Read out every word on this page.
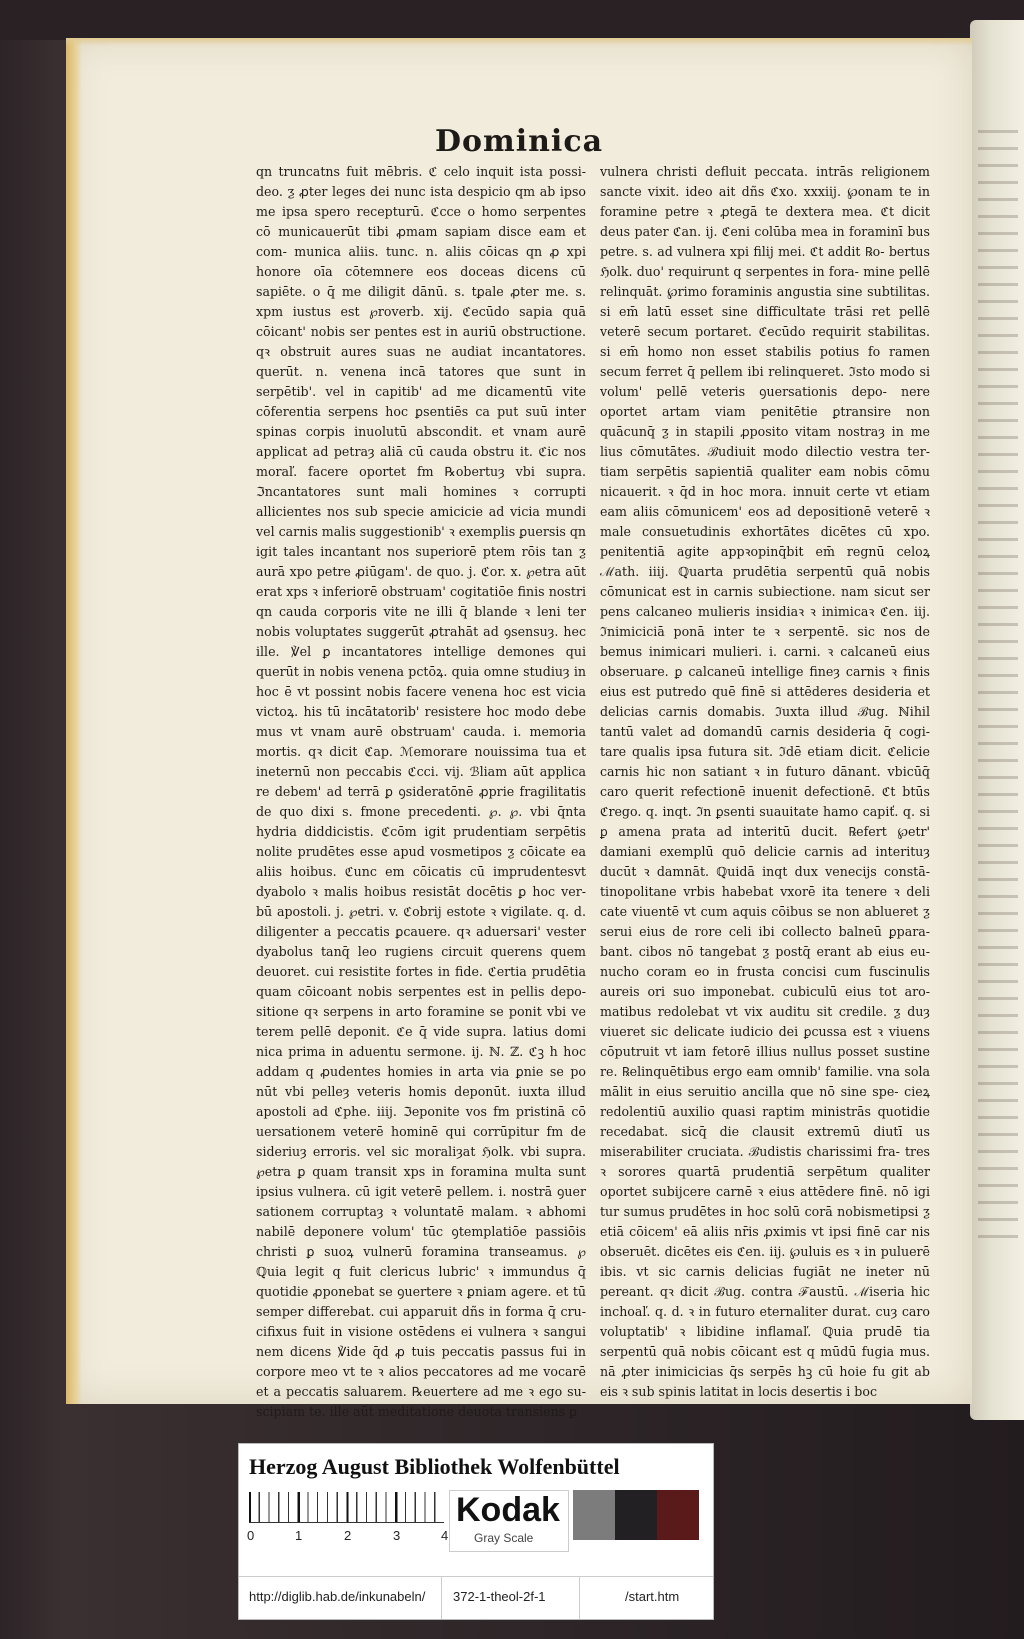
Dominica

qn truncatns fuit mēbris. ℭ celo inquit ista possi- deo. ƺ ꝓter leges dei nunc ista despicio qm ab ipso me ipsa spero recepturū. ℭcce o homo serpentes cō municauerūt tibi ꝓmam sapiam disce eam et com- munica aliis. tunc. n. aliis cōicas qn ꝓ xpi honore oīa cōtemnere eos doceas dicens cū sapiēte. o q̄ me diligit dānū. s. tꝑale ꝓter me. s. xpm iustus est ℘roverb. xij. ℭecūdo sapia quā cōicant' nobis ser pentes est in auriū obstructione. qꝛ obstruit aures suas ne audiat incantatores. querūt. n. venena incā tatores que sunt in serpētib'. vel in capitib' ad me dicamentū vite cōferentia serpens hoc ꝑsentiēs ca put suū inter spinas corpis inuolutū abscondit. et vnam aurē applicat ad petraȝ aliā cū cauda obstru it. ℭic nos moraľ. facere oportet fm ℞obertuȝ vbi supra. ℑncantatores sunt mali homines ꝛ corrupti allicientes nos sub specie amicicie ad vicia mundi vel carnis malis suggestionib' ꝛ exemplis ꝑuersis qn igit tales incantant nos superiorē ptem rōis tan ƺ aurā xpo petre ꝓiūgam'. de quo. j. ℭor. x. ℘etra aūt erat xps ꝛ inferiorē obstruam' cogitatiōe finis nostri qn cauda corporis vite ne illi q̄ blande ꝛ leni ter nobis voluptates suggerūt ꝓtrahāt ad ꝯsensuȝ. hec ille. ℣el ꝑ incantatores intellige demones qui querūt in nobis venena pctōꝝ. quia omne studiuȝ in hoc ē vt possint nobis facere venena hoc est vicia victoꝝ. his tū incātatorib' resistere hoc modo debe mus vt vnam aurē obstruam' cauda. i. memoria mortis. qꝛ dicit ℭap. ℳemorare nouissima tua et ineternū non peccabis ℭcci. vij. ℬliam aūt applica re debem' ad terrā ꝑ ꝯsideratōnē ꝓprie fragilitatis de quo dixi s. fmone precedenti. ℘. ℘. vbi q̄nta hydria diddicistis. ℭcōm igit prudentiam serpētis nolite prudētes esse apud vosmetipos ƺ cōicate ea aliis hoibus. ℭunc em cōicatis cū imprudentesvt dyabolo ꝛ malis hoibus resistāt docētis ꝑ hoc ver- bū apostoli. j. ℘etri. v. ℭobrij estote ꝛ vigilate. q. d. diligenter a peccatis ꝑcauere. qꝛ aduersari' vester dyabolus tanq̄ leo rugiens circuit querens quem deuoret. cui resistite fortes in fide. ℭertia prudētia quam cōicoant nobis serpentes est in pellis depo- sitione qꝛ serpens in arto foramine se ponit vbi ve terem pellē deponit. ℭe q̄ vide supra. latius domi nica prima in aduentu sermone. ij. ℕ. ℤ. ℭꝫ h hoc addam q ꝓudentes homies in arta via ꝑnie se po nūt vbi pelleȝ veteris homis deponūt. iuxta illud apostoli ad ℭphe. iiij. ℑeponite vos fm pristinā cō uersationem veterē hominē qui corrūpitur fm de sideriuȝ erroris. vel sic moraliȝat ℌolk. vbi supra. ℘etra ꝑ quam transit xps in foramina multa sunt ipsius vulnera. cū igit veterē pellem. i. nostrā ꝯuer sationem corruptaȝ ꝛ voluntatē malam. ꝛ abhomi nabilē deponere volum' tūc ꝯtemplatiōe passiōis christi ꝑ suoꝝ vulnerū foramina transeamus. ℘ ℚuia legit q fuit clericus lubric' ꝛ immundus q̄ quotidie ꝓponebat se ꝯuertere ꝛ ꝑniam agere. et tū semper differebat. cui apparuit dñs in forma q̄ cru- cifixus fuit in visione ostēdens ei vulnera ꝛ sangui nem dicens ℣ide q̄d ꝓ tuis peccatis passus fui in corpore meo vt te ꝛ alios peccatores ad me vocarē et a peccatis saluarem. ℞euertere ad me ꝛ ego su- scipiam te. ille aūt meditatione deuota transiens ꝑ

vulnera christi defluit peccata. intrās religionem sancte vixit. ideo ait dñs ℭxo. xxxiij. ℘onam te in foramine petre ꝛ ꝓtegā te dextera mea. ℭt dicit deus pater ℭan. ij. ℭeni colūba mea in foraminī bus petre. s. ad vulnera xpi filij mei. ℭt addit ℞o- bertus ℌolk. duo' requirunt q serpentes in fora- mine pellē relinquāt. ℘rimo foraminis angustia sine subtilitas. si em̄ latū esset sine difficultate trāsi ret pellē veterē secum portaret. ℭecūdo requirit stabilitas. si em̄ homo non esset stabilis potius fo ramen secum ferret q̄ pellem ibi relinqueret. ℑsto modo si volum' pellē veteris ꝯuersationis depo- nere oportet artam viam penitētie ꝑtransire non quācunq̄ ƺ in stapili ꝓposito vitam nostraȝ in me lius cōmutātes. ℬudiuit modo dilectio vestra ter- tiam serpētis sapientiā qualiter eam nobis cōmu nicauerit. ꝛ q̄d in hoc mora. innuit certe vt etiam eam aliis cōmunicem' eos ad depositionē veterē ꝛ male consuetudinis exhortātes dicētes cū xpo. penitentiā agite appꝛopinq̄bit em̄ regnū celoꝝ ℳath. iiij. ℚuarta prudētia serpentū quā nobis cōmunicat est in carnis subiectione. nam sicut ser pens calcaneo mulieris insidiaꝛ ꝛ inimicaꝛ ℭen. iij. ℑnimiciciā ponā inter te ꝛ serpentē. sic nos de bemus inimicari mulieri. i. carni. ꝛ calcaneū eius obseruare. ꝑ calcaneū intellige fineȝ carnis ꝛ finis eius est putredo quē finē si attēderes desideria et delicias carnis domabis. ℑuxta illud ℬug. ℕihil tantū valet ad domandū carnis desideria q̄ cogi- tare qualis ipsa futura sit. ℑdē etiam dicit. ℭelicie carnis hic non satiant ꝛ in futuro dānant. vbicūq̄ caro querit refectionē inuenit defectionē. ℭt btūs ℭrego. q. inqt. ℑn ꝑsenti suauitate hamo capiť. q. si ꝑ amena prata ad interitū ducit. ℞efert ℘etr' damiani exemplū quō delicie carnis ad interituȝ ducūt ꝛ damnāt. ℚuidā inqt dux venecijs constā- tinopolitane vrbis habebat vxorē ita tenere ꝛ deli cate viuentē vt cum aquis cōibus se non ablueret ƺ serui eius de rore celi ibi collecto balneū ꝑpara- bant. cibos nō tangebat ƺ postq̄ erant ab eius eu- nucho coram eo in frusta concisi cum fuscinulis aureis ori suo imponebat. cubiculū eius tot aro- matibus redolebat vt vix auditu sit credile. ƺ duȝ viueret sic delicate iudicio dei ꝑcussa est ꝛ viuens cōputruit vt iam fetorē illius nullus posset sustine re. ℞elinquētibus ergo eam omnib' familie. vna sola mālit in eius seruitio ancilla que nō sine spe- cieꝝ redolentiū auxilio quasi raptim ministrās quotidie recedabat. sicq̄ die clausit extremū diutī us miserabiliter cruciata. ℬudistis charissimi fra- tres ꝛ sorores quartā prudentiā serpētum qualiter oportet subijcere carnē ꝛ eius attēdere finē. nō igi tur sumus prudētes in hoc solū corā nobismetipsi ƺ etiā cōicem' eā aliis nr̄is ꝓximis vt ipsi finē car nis obseruēt. dicētes eis ℭen. iij. ℘uluis es ꝛ in puluerē ibis. vt sic carnis delicias fugiāt ne ineter nū pereant. qꝛ dicit ℬug. contra ℱaustū. ℳiseria hic inchoaľ. q. d. ꝛ in futuro eternaliter durat. cuȝ caro voluptatib' ꝛ libidine inflamaľ. ℚuia prudē tia serpentū quā nobis cōicant est q mūdū fugia mus. nā ꝓter inimicicias q̄s serpēs hꝫ cū hoie fu git ab eis ꝛ sub spinis latitat in locis desertis i boc

Herzog August Bibliothek Wolfenbüttel
0	1	2	3	4
Kodak
Gray Scale
http://diglib.hab.de/inkunabeln/ 372-1-theol-2f-1	/start.htm
